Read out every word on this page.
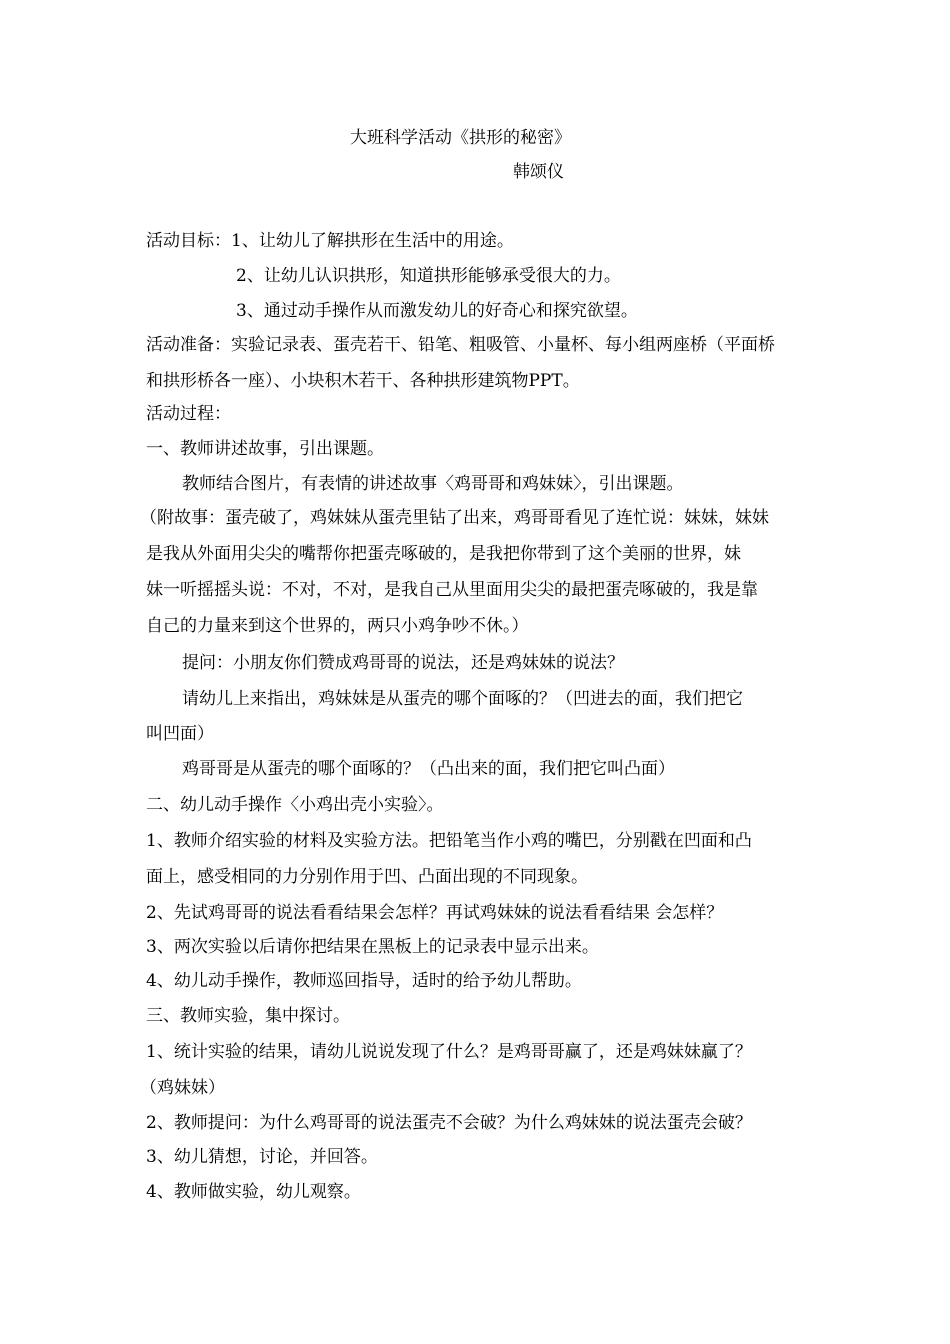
大班科学活动《拱形的秘密》
韩颂仪
活动目标：1、让幼儿了解拱形在生活中的用途。
2、让幼儿认识拱形，知道拱形能够承受很大的力。
3、通过动手操作从而激发幼儿的好奇心和探究欲望。
活动准备：实验记录表、蛋壳若干、铅笔、粗吸管、小量杯、每小组两座桥（平面桥
和拱形桥各一座）、小块积木若干、各种拱形建筑物PPT。
活动过程：
一、教师讲述故事，引出课题。
教师结合图片，有表情的讲述故事〈鸡哥哥和鸡妹妹〉，引出课题。
（附故事：蛋壳破了，鸡妹妹从蛋壳里钻了出来，鸡哥哥看见了连忙说：妹妹，妹妹
是我从外面用尖尖的嘴帮你把蛋壳啄破的，是我把你带到了这个美丽的世界，妹
妹一听摇摇头说：不对，不对，是我自己从里面用尖尖的最把蛋壳啄破的，我是靠
自己的力量来到这个世界的，两只小鸡争吵不休。）
提问：小朋友你们赞成鸡哥哥的说法，还是鸡妹妹的说法？
请幼儿上来指出，鸡妹妹是从蛋壳的哪个面啄的？（凹进去的面，我们把它
叫凹面）
鸡哥哥是从蛋壳的哪个面啄的？（凸出来的面，我们把它叫凸面）
二、幼儿动手操作〈小鸡出壳小实验〉。
1、教师介绍实验的材料及实验方法。把铅笔当作小鸡的嘴巴，分别戳在凹面和凸
面上，感受相同的力分别作用于凹、凸面出现的不同现象。
2、先试鸡哥哥的说法看看结果会怎样？再试鸡妹妹的说法看看结果 会怎样？
3、两次实验以后请你把结果在黑板上的记录表中显示出来。
4、幼儿动手操作，教师巡回指导，适时的给予幼儿帮助。
三、教师实验，集中探讨。
1、统计实验的结果，请幼儿说说发现了什么？是鸡哥哥赢了，还是鸡妹妹赢了？
（鸡妹妹）
2、教师提问：为什么鸡哥哥的说法蛋壳不会破？为什么鸡妹妹的说法蛋壳会破？
3、幼儿猜想，讨论，并回答。
4、教师做实验，幼儿观察。
